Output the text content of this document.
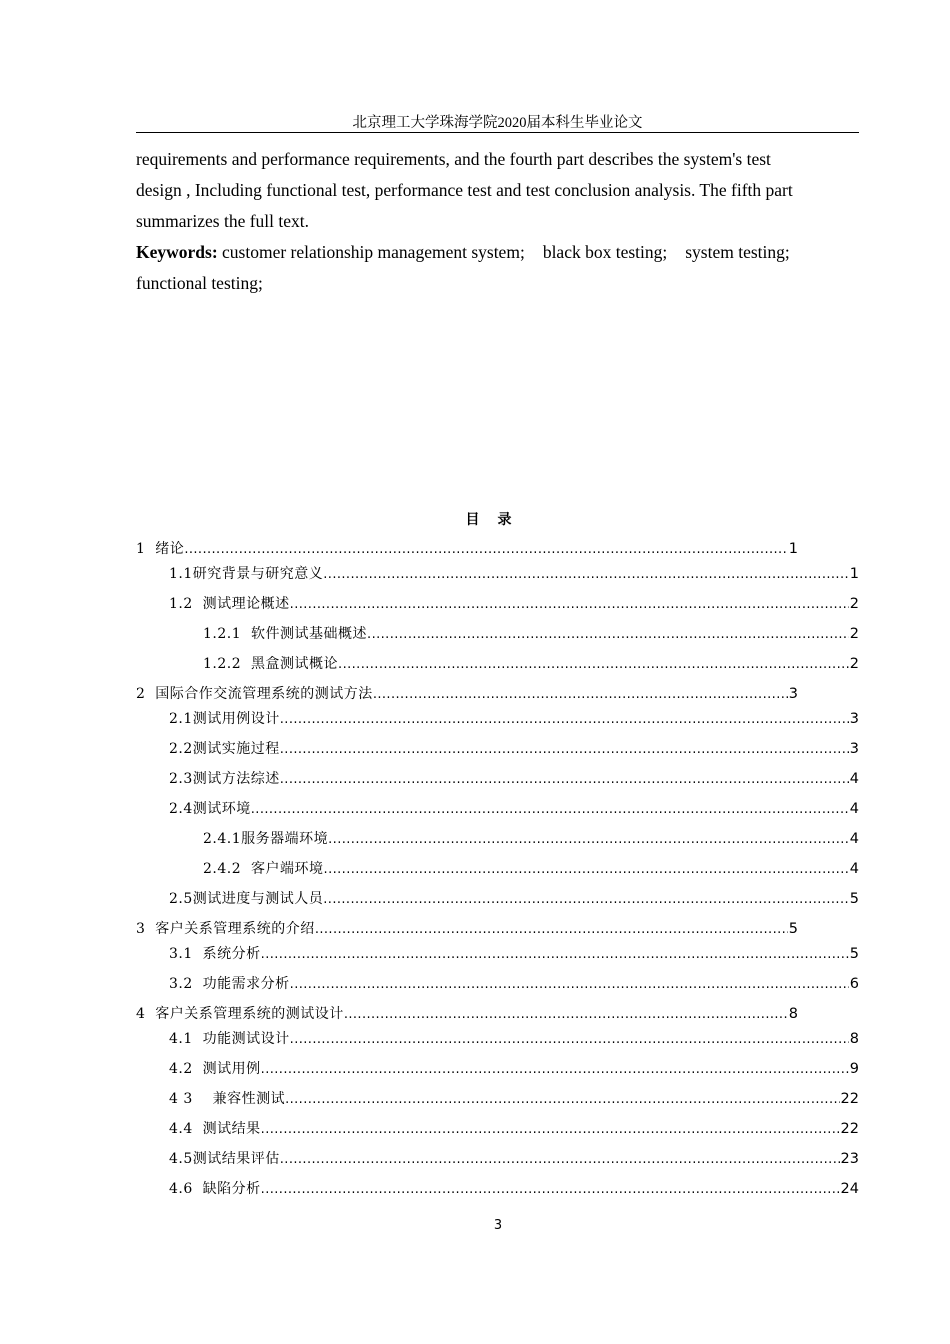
北京理工大学珠海学院2020届本科生毕业论文
requirements and performance requirements, and the fourth part describes the system's test
design , Including functional test, performance test and test conclusion analysis. The fifth part
summarizes the full text.
Keywords: customer relationship management system; black box testing; system testing;
functional testing;
目录
1  绪论 .....	1
1.1研究背景与研究意义 .....	1
1.2  测试理论概述 .....	2
1.2.1  软件测试基础概述 .....	2
1.2.2  黑盒测试概论 .....	2
2  国际合作交流管理系统的测试方法 .....	3
2.1测试用例设计 .....	3
2.2测试实施过程 .....	3
2.3测试方法综述 .....	4
2.4测试环境 .....	4
2.4.1服务器端环境 .....	4
2.4.2  客户端环境 .....	4
2.5测试进度与测试人员 .....	5
3  客户关系管理系统的介绍 .....	5
3.1  系统分析 .....	5
3.2  功能需求分析 .....	6
4  客户关系管理系统的测试设计 .....	8
4.1  功能测试设计 .....	8
4.2  测试用例 .....	9
4 3    兼容性测试 .....	22
4.4  测试结果 .....	22
4.5测试结果评估 .....	23
4.6  缺陷分析 .....	24
3
